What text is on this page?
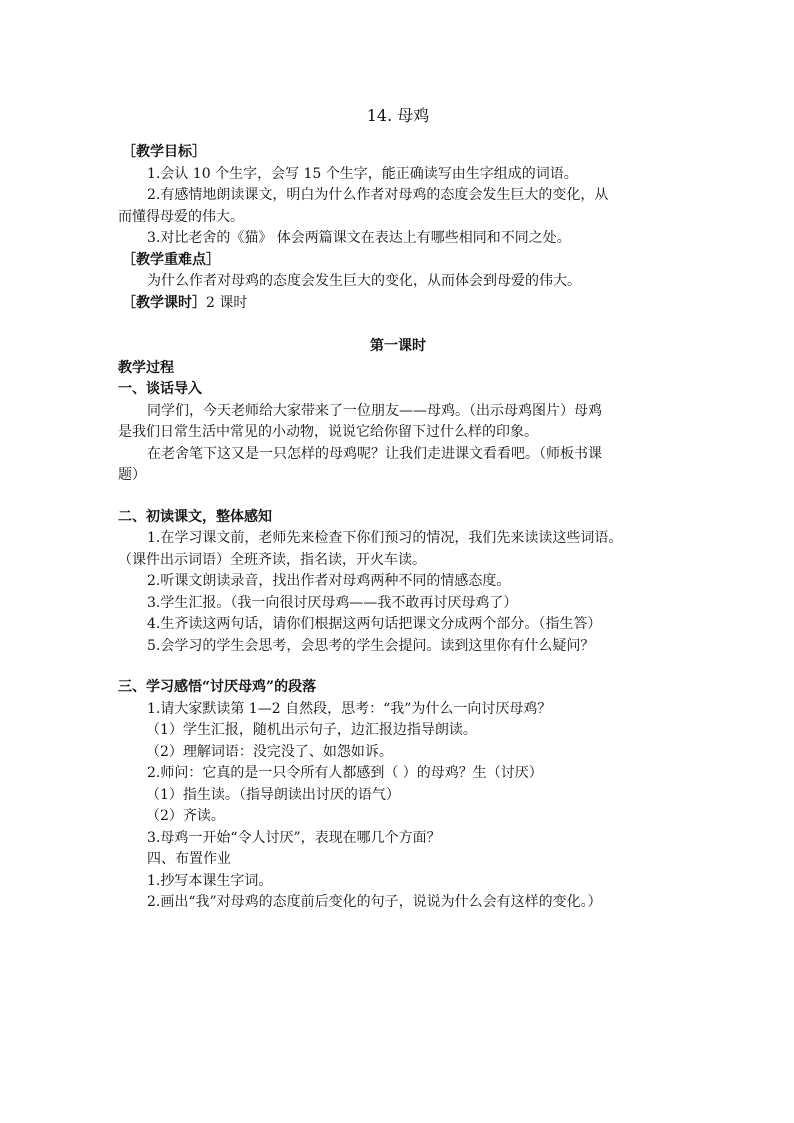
14. 母鸡
［教学目标］
1.会认 10 个生字，会写 15 个生字，能正确读写由生字组成的词语。
2.有感情地朗读课文，明白为什么作者对母鸡的态度会发生巨大的变化，从
而懂得母爱的伟大。
3.对比老舍的《猫》 体会两篇课文在表达上有哪些相同和不同之处。
［教学重难点］
为什么作者对母鸡的态度会发生巨大的变化，从而体会到母爱的伟大。
［教学课时］2 课时
第一课时
教学过程
一、谈话导入
同学们，今天老师给大家带来了一位朋友——母鸡。（出示母鸡图片）母鸡
是我们日常生活中常见的小动物，说说它给你留下过什么样的印象。
在老舍笔下这又是一只怎样的母鸡呢？让我们走进课文看看吧。（师板书课
题）
二、初读课文，整体感知
1.在学习课文前，老师先来检查下你们预习的情况，我们先来读读这些词语。
（课件出示词语）全班齐读，指名读，开火车读。
2.听课文朗读录音，找出作者对母鸡两种不同的情感态度。
3.学生汇报。（我一向很讨厌母鸡——我不敢再讨厌母鸡了）
4.生齐读这两句话，请你们根据这两句话把课文分成两个部分。（指生答）
5.会学习的学生会思考，会思考的学生会提问。读到这里你有什么疑问？
三、学习感悟“讨厌母鸡”的段落
1.请大家默读第 1—2 自然段，思考：“我”为什么一向讨厌母鸡？
（1）学生汇报，随机出示句子，边汇报边指导朗读。
（2）理解词语：没完没了、如怨如诉。
2.师问：它真的是一只令所有人都感到（ ）的母鸡？生（讨厌）
（1）指生读。（指导朗读出讨厌的语气）
（2）齐读。
3.母鸡一开始“令人讨厌”，表现在哪几个方面？
四、布置作业
1.抄写本课生字词。
2.画出“我”对母鸡的态度前后变化的句子，说说为什么会有这样的变化。）
